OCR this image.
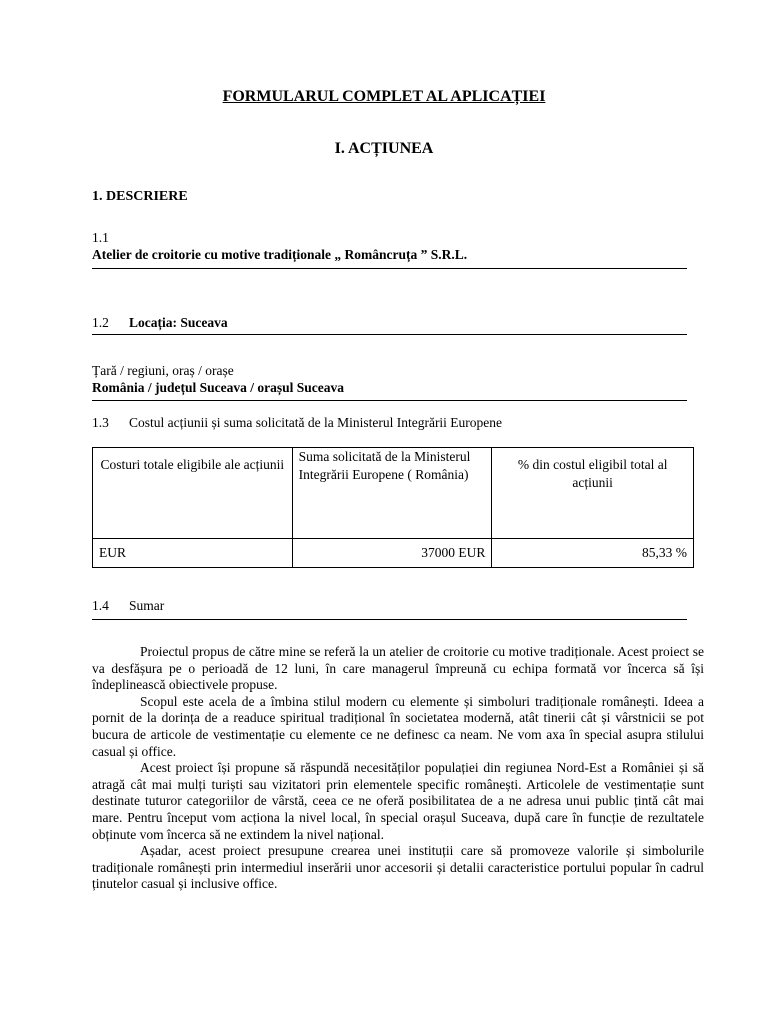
FORMULARUL COMPLET AL APLICAȚIEI
I. ACȚIUNEA
1. DESCRIERE
1.1
Atelier de croitorie cu motive tradiționale „ Româncruța ” S.R.L.
1.2 Locația: Suceava
Țară / regiuni, oraș / orașe
România / județul Suceava / orașul Suceava
1.3 Costul acțiunii și suma solicitată de la Ministerul Integrării Europene
Costuri totale eligibile ale acțiunii	Suma solicitată de la Ministerul Integrării Europene ( România)	% din costul eligibil total al acțiunii
EUR	37000 EUR	85,33 %
1.4 Sumar

Proiectul propus de către mine se referă la un atelier de croitorie cu motive tradiționale. Acest proiect se va desfășura pe o perioadă de 12 luni, în care managerul împreună cu echipa formată vor încerca să își îndeplinească obiectivele propuse.

Scopul este acela de a îmbina stilul modern cu elemente și simboluri tradiționale românești. Ideea a pornit de la dorința de a readuce spiritual tradițional în societatea modernă, atât tinerii cât și vârstnicii se pot bucura de articole de vestimentație cu elemente ce ne definesc ca neam. Ne vom axa în special asupra stilului casual și office.

Acest proiect își propune să răspundă necesităților populației din regiunea Nord-Est a României și să atragă cât mai mulți turiști sau vizitatori prin elementele specific românești. Articolele de vestimentație sunt destinate tuturor categoriilor de vârstă, ceea ce ne oferă posibilitatea de a ne adresa unui public țintă cât mai mare. Pentru început vom acționa la nivel local, în special orașul Suceava, după care în funcție de rezultatele obținute vom încerca să ne extindem la nivel național.

Așadar, acest proiect presupune crearea unei instituții care să promoveze valorile și simbolurile tradiționale românești prin intermediul inserării unor accesorii și detalii caracteristice portului popular în cadrul ținutelor casual și inclusive office.
